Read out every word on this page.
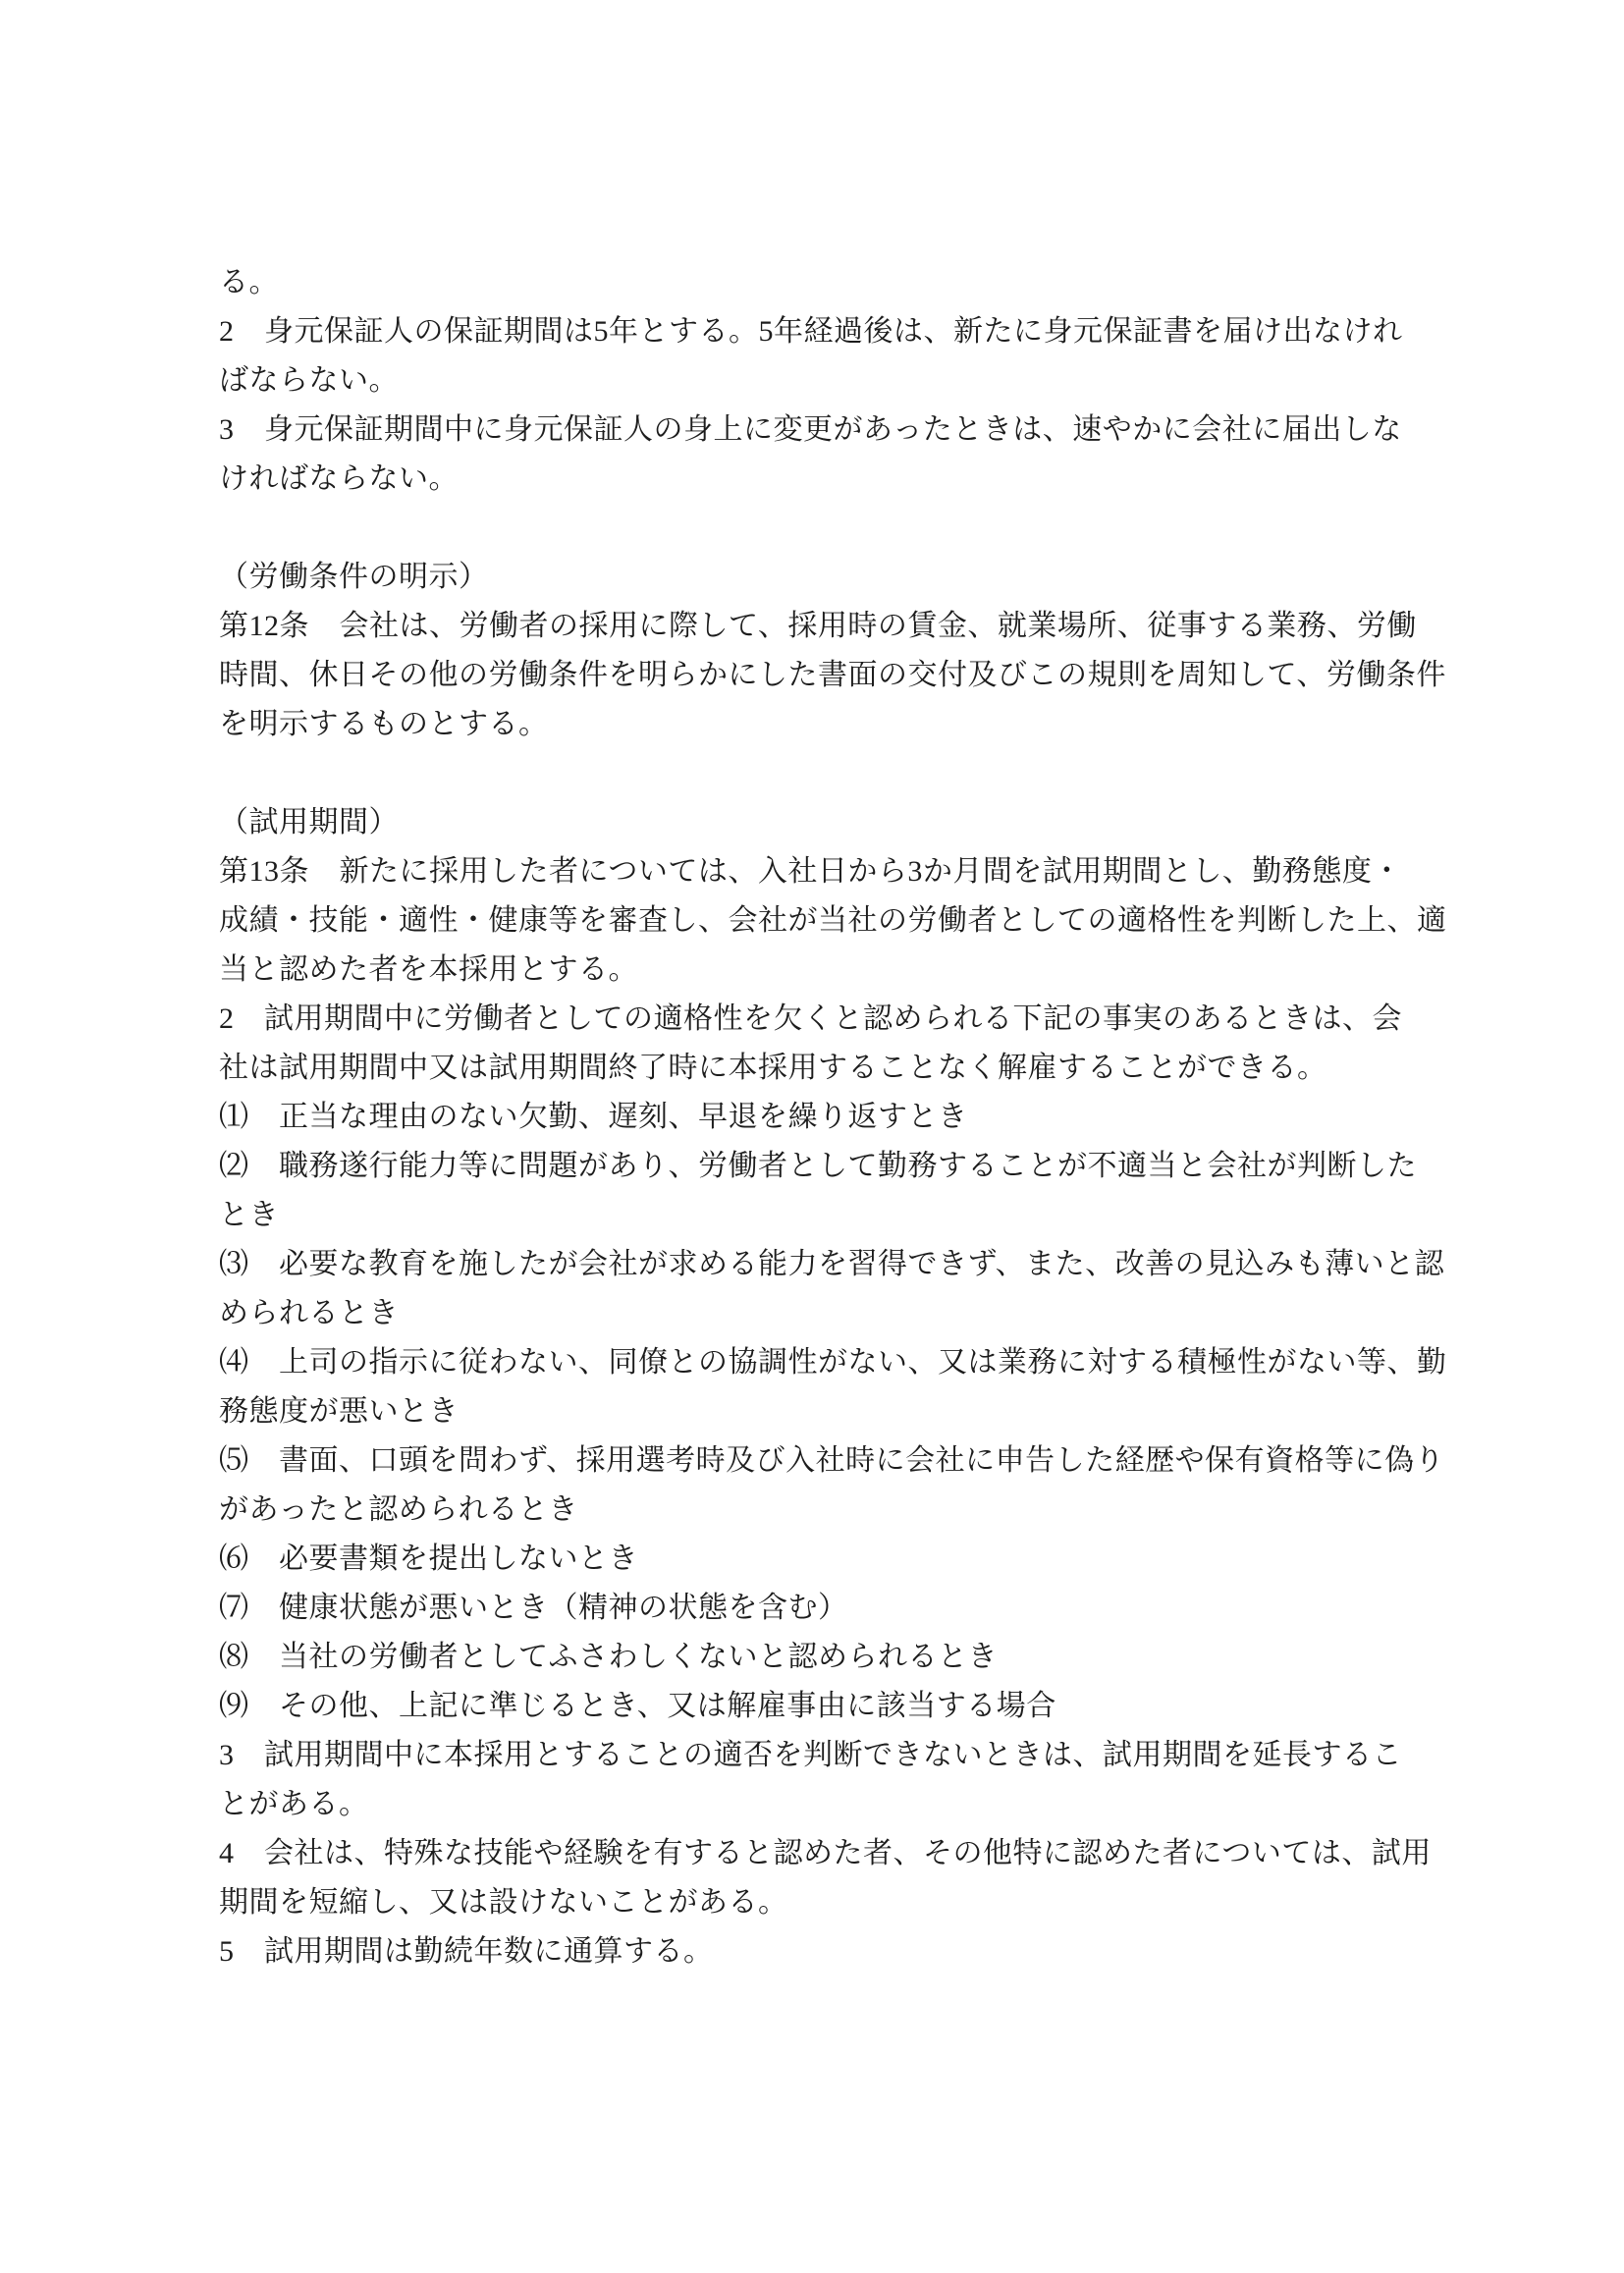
る。
2　身元保証人の保証期間は5年とする。5年経過後は、新たに身元保証書を届け出なけれ
ばならない。
3　身元保証期間中に身元保証人の身上に変更があったときは、速やかに会社に届出しな
ければならない。
（労働条件の明示）
第12条　会社は、労働者の採用に際して、採用時の賃金、就業場所、従事する業務、労働
時間、休日その他の労働条件を明らかにした書面の交付及びこの規則を周知して、労働条件
を明示するものとする。
（試用期間）
第13条　新たに採用した者については、入社日から3か月間を試用期間とし、勤務態度・
成績・技能・適性・健康等を審査し、会社が当社の労働者としての適格性を判断した上、適
当と認めた者を本採用とする。
2　試用期間中に労働者としての適格性を欠くと認められる下記の事実のあるときは、会
社は試用期間中又は試用期間終了時に本採用することなく解雇することができる。
⑴　正当な理由のない欠勤、遅刻、早退を繰り返すとき
⑵　職務遂行能力等に問題があり、労働者として勤務することが不適当と会社が判断した
とき
⑶　必要な教育を施したが会社が求める能力を習得できず、また、改善の見込みも薄いと認
められるとき
⑷　上司の指示に従わない、同僚との協調性がない、又は業務に対する積極性がない等、勤
務態度が悪いとき
⑸　書面、口頭を問わず、採用選考時及び入社時に会社に申告した経歴や保有資格等に偽り
があったと認められるとき
⑹　必要書類を提出しないとき
⑺　健康状態が悪いとき（精神の状態を含む）
⑻　当社の労働者としてふさわしくないと認められるとき
⑼　その他、上記に準じるとき、又は解雇事由に該当する場合
3　試用期間中に本採用とすることの適否を判断できないときは、試用期間を延長するこ
とがある。
4　会社は、特殊な技能や経験を有すると認めた者、その他特に認めた者については、試用
期間を短縮し、又は設けないことがある。
5　試用期間は勤続年数に通算する。
